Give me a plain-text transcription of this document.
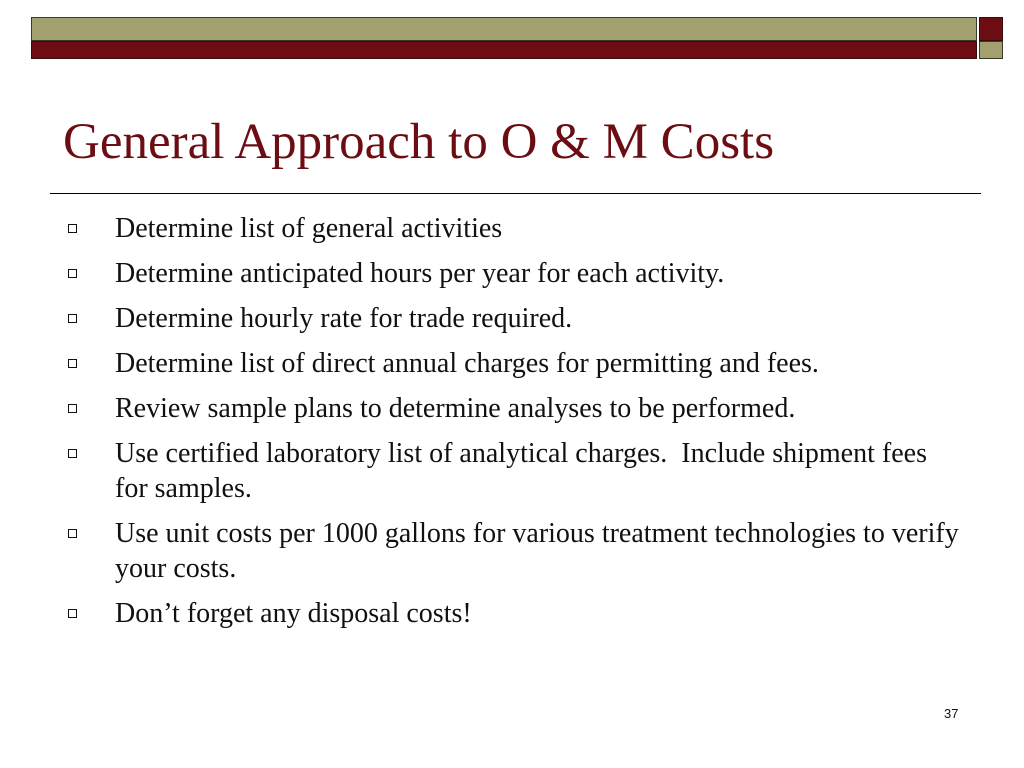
General Approach to O & M Costs
Determine list of general activities
Determine anticipated hours per year for each activity.
Determine hourly rate for trade required.
Determine list of direct annual charges for permitting and fees.
Review sample plans to determine analyses to be performed.
Use certified laboratory list of analytical charges.  Include shipment fees for samples.
Use unit costs per 1000 gallons for various treatment technologies to verify your costs.
Don’t forget any disposal costs!
37
